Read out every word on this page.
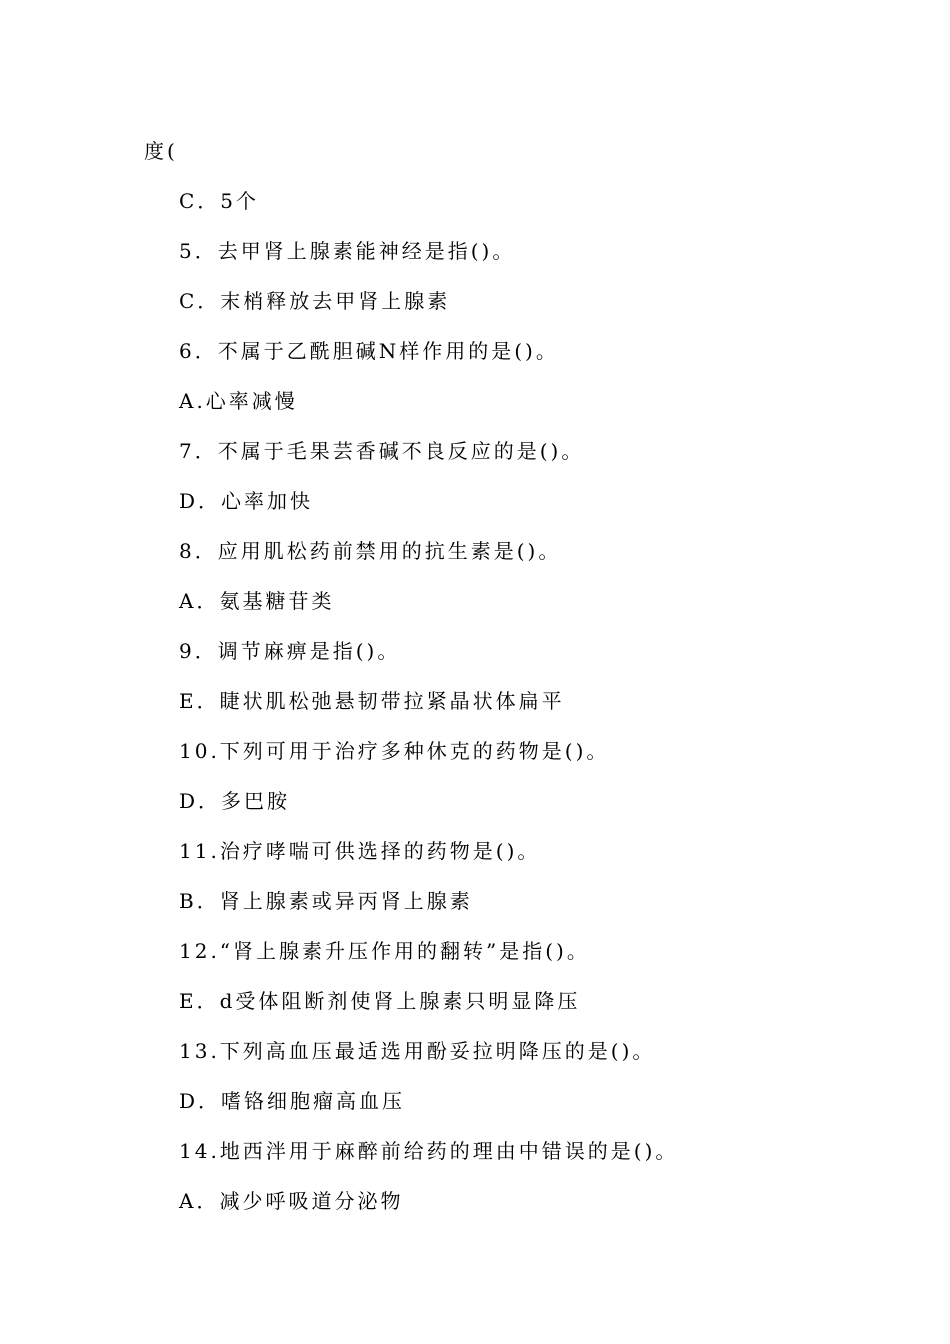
度(
C．5个
5．去甲肾上腺素能神经是指()。
C．末梢释放去甲肾上腺素
6．不属于乙酰胆碱N样作用的是()。
A.心率减慢
7．不属于毛果芸香碱不良反应的是()。
D．心率加快
8．应用肌松药前禁用的抗生素是()。
A．氨基糖苷类
9．调节麻痹是指()。
E．睫状肌松弛悬韧带拉紧晶状体扁平
10.下列可用于治疗多种休克的药物是()。
D．多巴胺
11.治疗哮喘可供选择的药物是()。
B．肾上腺素或异丙肾上腺素
12.“肾上腺素升压作用的翻转”是指()。
E．d受体阻断剂使肾上腺素只明显降压
13.下列高血压最适选用酚妥拉明降压的是()。
D．嗜铬细胞瘤高血压
14.地西泮用于麻醉前给药的理由中错误的是()。
A．减少呼吸道分泌物
